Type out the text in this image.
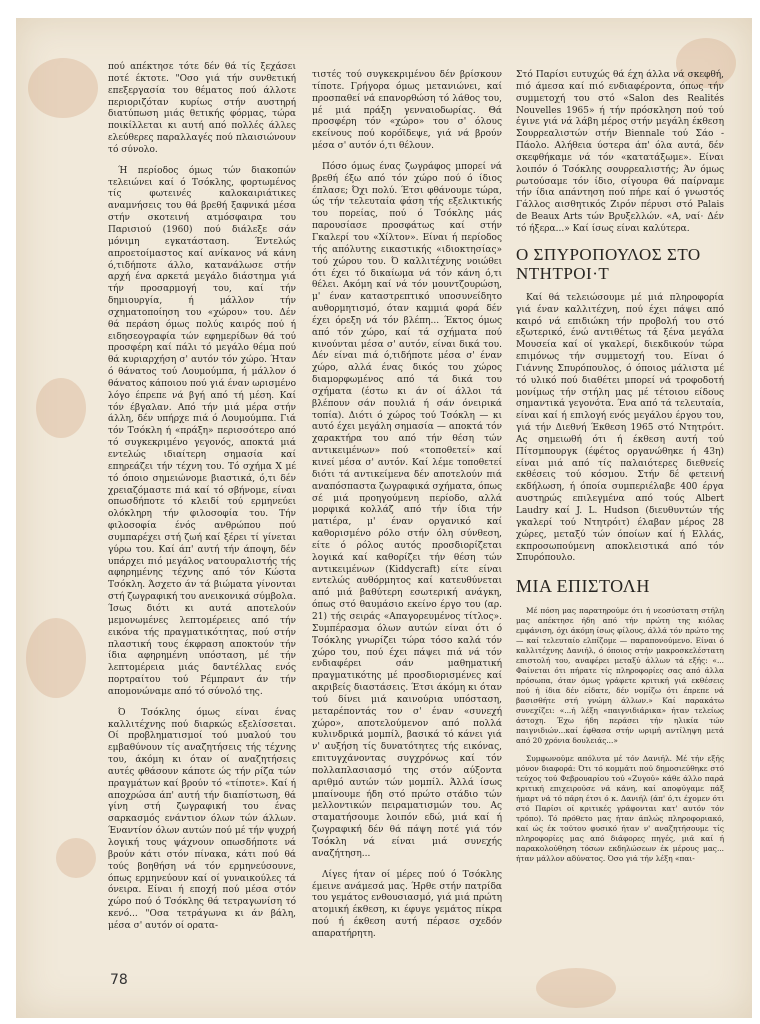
πού απέκτησε τότε δέν θά τίς ξεχάσει ποτέ έκτοτε. "Οσο γιά τήν συνθετική επεξεργασία του θέματος πού άλλοτε περιοριζόταν κυρίως στήν αυστηρή διατύπωση μιάς θετικής φόρμας, τώρα ποικίλλεται κι αυτή από πολλές άλλες ελεύθερες παραλλαγές πού πλαισιώνουν τό σύνολο.

Ή περίοδος όμως τών διακοπών τελειώνει καί ό Τσόκλης, φορτωμένος τίς φωτεινές καλοκαιριάτικες αναμνήσεις του θά βρεθή ξαφνικά μέσα στήν σκοτεινή ατμόσφαιρα του Παρισιού (1960) πού διάλεξε σάν μόνιμη εγκατάσταση. Έντελώς απροετοίμαστος καί ανίκανος νά κάνη ό,τιδήποτε άλλο, κατανάλωσε στήν αρχή ένα αρκετά μεγάλο διάστημα γιά τήν προσαρμογή του, καί τήν δημιουργία, ή μάλλον τήν σχηματοποίηση του «χώρου» του. Δέν θά περάση όμως πολύς καιρός πού ή ειδησεογραφία τών εφημερίδων θά τού προσφέρη καί πάλι τό μεγάλο θέμα πού θά κυριαρχήση σ' αυτόν τόν χώρο. Ήταν ό θάνατος τού Λουμούμπα, ή μάλλον ό θάνατος κάποιου πού γιά έναν ωρισμένο λόγο έπρεπε νά βγή από τή μέση. Καί τόν έβγαλαν. Από τήν μιά μέρα στήν άλλη, δέν υπήρχε πιά ό Λουμούμπα. Γιά τόν Τσόκλη ή «πράξη» περισσότερο από τό συγκεκριμένο γεγονός, αποκτά μιά εντελώς ιδιαίτερη σημασία καί επηρεάζει τήν τέχνη του. Τό σχήμα Χ μέ τό όποιο σημειώνομε βιαστικά, ό,τι δέν χρειαζόμαστε πιά καί τό σβήνομε, είναι οπωσδήποτε τό κλειδί τού ερμηνεύει ολόκληρη τήν φιλοσοφία του. Τήν φιλοσοφία ένός ανθρώπου πού συμπαρέχει στή ζωή καί ξέρει τί γίνεται γύρω του. Καί άπ' αυτή τήν άποψη, δέν υπάρχει πιό μεγάλος νατουραλιστής τής αφηρημένης τέχνης από τόν Κώστα Τσόκλη. Άσχετο άν τά βιώματα γίνονται στή ζωγραφική του ανεικονικά σύμβολα. Ίσως διότι κι αυτά αποτελούν μεμονωμένες λεπτομέρειες από τήν εικόνα τής πραγματικότητας, πού στήν πλαστική τους έκφραση αποκτούν τήν ίδια αφηρημένη υπόσταση, μέ τήν λεπτομέρεια μιάς δαντέλλας ενός πορτραίτου τού Ρέμπραντ άν τήν απομονώναμε από τό σύνολό της.

Ό Τσόκλης όμως είναι ένας καλλιτέχνης πού διαρκώς εξελίσσεται. Οί προβληματισμοί τού μυαλού του εμβαθύνουν τίς αναζητήσεις τής τέχνης του, άκόμη κι όταν οί αναζητήσεις αυτές φθάσουν κάποτε ώς τήν ρίζα τών πραγμάτων καί βρούν τό «τίποτε». Καί ή αποχρώσα άπ' αυτή τήν διαπίστωση, θά γίνη στή ζωγραφική του ένας σαρκασμός ενάντιον όλων τών άλλων. Έναντίον όλων αυτών πού μέ τήν ψυχρή λογική τους ψάχνουν οπωσδήποτε νά βρούν κάτι στόν πίνακα, κάτι πού θά τούς βοηθήση νά τόν ερμηνεύσουνε, όπως ερμηνεύουν καί οί γυναικούλες τά όνειρα. Είναι ή εποχή πού μέσα στόν χώρο πού ό Τσόκλης θά τετραγωνίση τό κενό... "Οσα τετράγωνα κι άν βάλη, μέσα σ' αυτόν οί ορατα-

τιστές τού συγκεκριμένου δέν βρίσκουν τίποτε. Γρήγορα όμως μετανιώνει, καί προσπαθεί νά επανορθώση τό λάθος του, μέ μιά πράξη γενναιοδωρίας. Θά προσφέρη τόν «χώρο» του σ' όλους εκείνους πού κορόϊδεψε, γιά νά βρούν μέσα σ' αυτόν ό,τι θέλουν.

Πόσο όμως ένας ζωγράφος μπορεί νά βρεθή έξω από τόν χώρο πού ό ίδιος έπλασε; Όχι πολύ. Έτσι φθάνουμε τώρα, ώς τήν τελευταία φάση τής εξελικτικής του πορείας, πού ό Τσόκλης μάς παρουσίασε προσφάτως καί στήν Γκαλερί του «Χίλτον». Είναι ή περίοδος τής απόλυτης εικαστικής «ιδιοκτησίας» τού χώρου του. Ό καλλιτέχνης νοιώθει ότι έχει τό δικαίωμα νά τόν κάνη ό,τι θέλει. Ακόμη καί νά τόν μουντζουρώση, μ' έναν καταστρεπτικό υποσυνείδητο αυθορμητισμό, όταν καμμιά φορά δέν έχει όρεξη νά τόν βλέπη... Έκτος όμως από τόν χώρο, καί τά σχήματα πού κινούνται μέσα σ' αυτόν, είναι δικά του. Δέν είναι πιά ό,τιδήποτε μέσα σ' έναν χώρο, αλλά ένας δικός του χώρος διαμορφωμένος από τά δικά του σχήματα (έστω κι άν οί άλλοι τά βλέπουν σάν πουλιά ή σάν όνειρικά τοπία). Διότι ό χώρος τού Τσόκλη — κι αυτό έχει μεγάλη σημασία — αποκτά τόν χαρακτήρα του από τήν θέση τών αντικειμένων» πού «τοποθετεί» καί κινεί μέσα σ' αυτόν. Καί λέμε τοποθετεί διότι τά αντικείμενα δέν αποτελούν πιά αναπόσπαστα ζωγραφικά σχήματα, όπως σέ μιά προηγούμενη περίοδο, αλλά μορφικά κολλάζ από τήν ίδια τήν ματιέρα, μ' έναν οργανικό καί καθορισμένο ρόλο στήν όλη σύνθεση, είτε ό ρόλος αυτός προσδιορίζεται λογικά καί καθορίζει τήν θέση τών αντικειμένων (Kiddycraft) είτε είναι εντελώς αυθόρμητος καί κατευθύνεται από μιά βαθύτερη εσωτερική ανάγκη, όπως στό θαυμάσιο εκείνο έργο του (αρ. 21) τής σειράς «Απαγορευμένος τίτλος». Συμπέρασμα όλων αυτών είναι ότι ό Τσόκλης γνωρίζει τώρα τόσο καλά τόν χώρο του, πού έχει πάψει πιά νά τόν ενδιαφέρει σάν μαθηματική πραγματικότης μέ προσδιορισμένες καί ακριβείς διαστάσεις. Έτσι άκόμη κι όταν τού δίνει μιά καινούρια υπόσταση, μεταρέποντάς τον σ' έναν «συνεχή χώρο», αποτελούμενον από πολλά κυλινδρικά μομπίλ, βασικά τό κάνει γιά ν' αυξήση τίς δυνατότητες τής εικόνας, επιτυγχάνοντας συγχρόνως καί τόν πολλαπλασιασμό της στόν αύξοντα αριθμό αυτών τών μομπίλ. Άλλά ίσως μπαίνουμε ήδη στό πρώτο στάδιο τών μελλοντικών πειραματισμών του. Ας σταματήσουμε λοιπόν εδώ, μιά καί ή ζωγραφική δέν θά πάψη ποτέ γιά τόν Τσόκλη νά είναι μιά συνεχής αναζήτηση...

Λίγες ήταν οί μέρες πού ό Τσόκλης έμεινε ανάμεσά μας. Ήρθε στήν πατρίδα του γεμάτος ενθουσιασμό, γιά μιά πρώτη ατομική έκθεση, κι έφυγε γεμάτος πίκρα πού ή έκθεση αυτή πέρασε σχεδόν απαρατήρητη.

Στό Παρίσι ευτυχώς θά έχη άλλα νά σκεφθή, πιό άμεσα καί πιό ενδιαφέροντα, όπως τήν συμμετοχή του στό «Salon des Realités Nouvelles 1965» ή τήν πρόσκληση πού τού έγινε γιά νά λάβη μέρος στήν μεγάλη έκθεση Σουρρεαλιστών στήν Biennale τού Σάο - Πάολο. Αλήθεια ύστερα άπ' όλα αυτά, δέν σκεφθήκαμε νά τόν «κατατάξωμε». Είναι λοιπόν ό Τσόκλης σουρρεαλιστής; Άν όμως ρωτούσαμε τόν ίδιο, σίγουρα θά παίρναμε τήν ίδια απάντηση πού πήρε καί ό γνωστός Γάλλος αισθητικός Ζιρόν πέρυσι στό Palais de Beaux Arts τών Βρυξελλών. «Α, ναί· Δέν τό ήξερα...» Καί ίσως είναι καλύτερα.

Ο ΣΠΥΡΟΠΟΥΛΟΣ ΣΤΟ ΝΤΗΤΡΟΙ·Τ

Καί θά τελειώσουμε μέ μιά πληροφορία γιά έναν καλλιτέχνη, πού έχει πάψει από καιρό νά επιδιώκη τήν προβολή του στό εξωτερικό, ένώ αντιθέτως τά ξένα μεγάλα Μουσεία καί οί γκαλερί, διεκδικούν τώρα επιμόνως τήν συμμετοχή του. Είναι ό Γιάννης Σπυρόπουλος, ό όποιος μάλιστα μέ τό υλικό πού διαθέτει μπορεί νά τροφοδοτή μονίμως τήν στήλη μας μέ τέτοιου είδους σημαντικά γεγονότα. Ένα από τά τελευταία, είναι καί ή επιλογή ενός μεγάλου έργου του, γιά τήν Διεθνή Έκθεση 1965 στό Ντητρόιτ. Ας σημειωθή ότι ή έκθεση αυτή τού Πίτσμπουργκ (έφέτος οργανώθηκε ή 43η) είναι μιά από τίς παλαιότερες διεθνείς εκθέσεις τού κόσμου. Στήν δέ φετεινή εκδήλωση, ή όποία συμπεριέλαβε 400 έργα αυστηρώς επιλεγμένα από τούς Albert Laudry καί J. L. Hudson (διευθυντών τής γκαλερί τού Ντητρόιτ) έλαβαν μέρος 28 χώρες, μεταξύ τών όποίων καί ή Ελλάς, εκπροσωπούμενη αποκλειστικά από τόν Σπυρόπουλο.

ΜΙΑ ΕΠΙΣΤΟΛΗ

Μέ πόση μας παρατηρούμε ότι ή νεοσύστατη στήλη μας απέκτησε ήδη από τήν πρώτη της κιόλας εμφάνιση, όχι άκόμη ίσως φίλους, άλλά τόν πρώτο της — καί τελευταίο ελπίζομε — παραπονούμενο. Είναι ό καλλιτέχνης Δανιήλ, ό όποιος στήν μακροσκελέστατη επιστολή του, αναφέρει μεταξύ άλλων τά εξής: «... Φαίνεται ότι πήρατε τίς πληροφορίες σας από άλλα πρόσωπα, όταν όμως γράφετε κριτική γιά εκθέσεις πού ή ίδια δέν είδατε, δέν νομίζω ότι έπρεπε νά βασισθήτε στή γνώμη άλλων.» Καί παρακάτω συνεχίζει: «...ή λέξη «παιγνιδιάρικα» ήταν τελείως άστοχη. Έχω ήδη περάσει τήν ηλικία τών παιγνιδιών...καί έφθασα στήν ωριμή αντίληψη μετά από 20 χρόνια δουλειάς...»

Συμφωνούμε απόλυτα μέ τόν Δανιήλ. Μέ τήν εξής μόνον διαφορά: Ότι τό κομμάτι πού δημοσιεύθηκε στό τεύχος τού Φεβρουαρίου τού «Ζυγού» κάθε άλλο παρά κριτική επιχειρούσε νά κάνη, καί αποφύγαμε πάξ ήμαρτ νά τό πάρη έτσι ό κ. Δανιήλ (άπ' ό,τι έχομεν ότι στό Παρίσι οί κριτικές γράφονται κατ' αυτόν τόν τρόπο). Τό πρόθετο μας ήταν άπλώς πληροφοριακό, καί ώς έκ τούτου φυσικό ήταν ν' αναζητήσουμε τίς πληροφορίες μας από διάφορες πηγές, μιά καί ή παρακολούθηση τόσων εκδηλώσεων έκ μέρους μας... ήταν μάλλον αδύνατος. Όσο γιά τήν λέξη «παι-

78
